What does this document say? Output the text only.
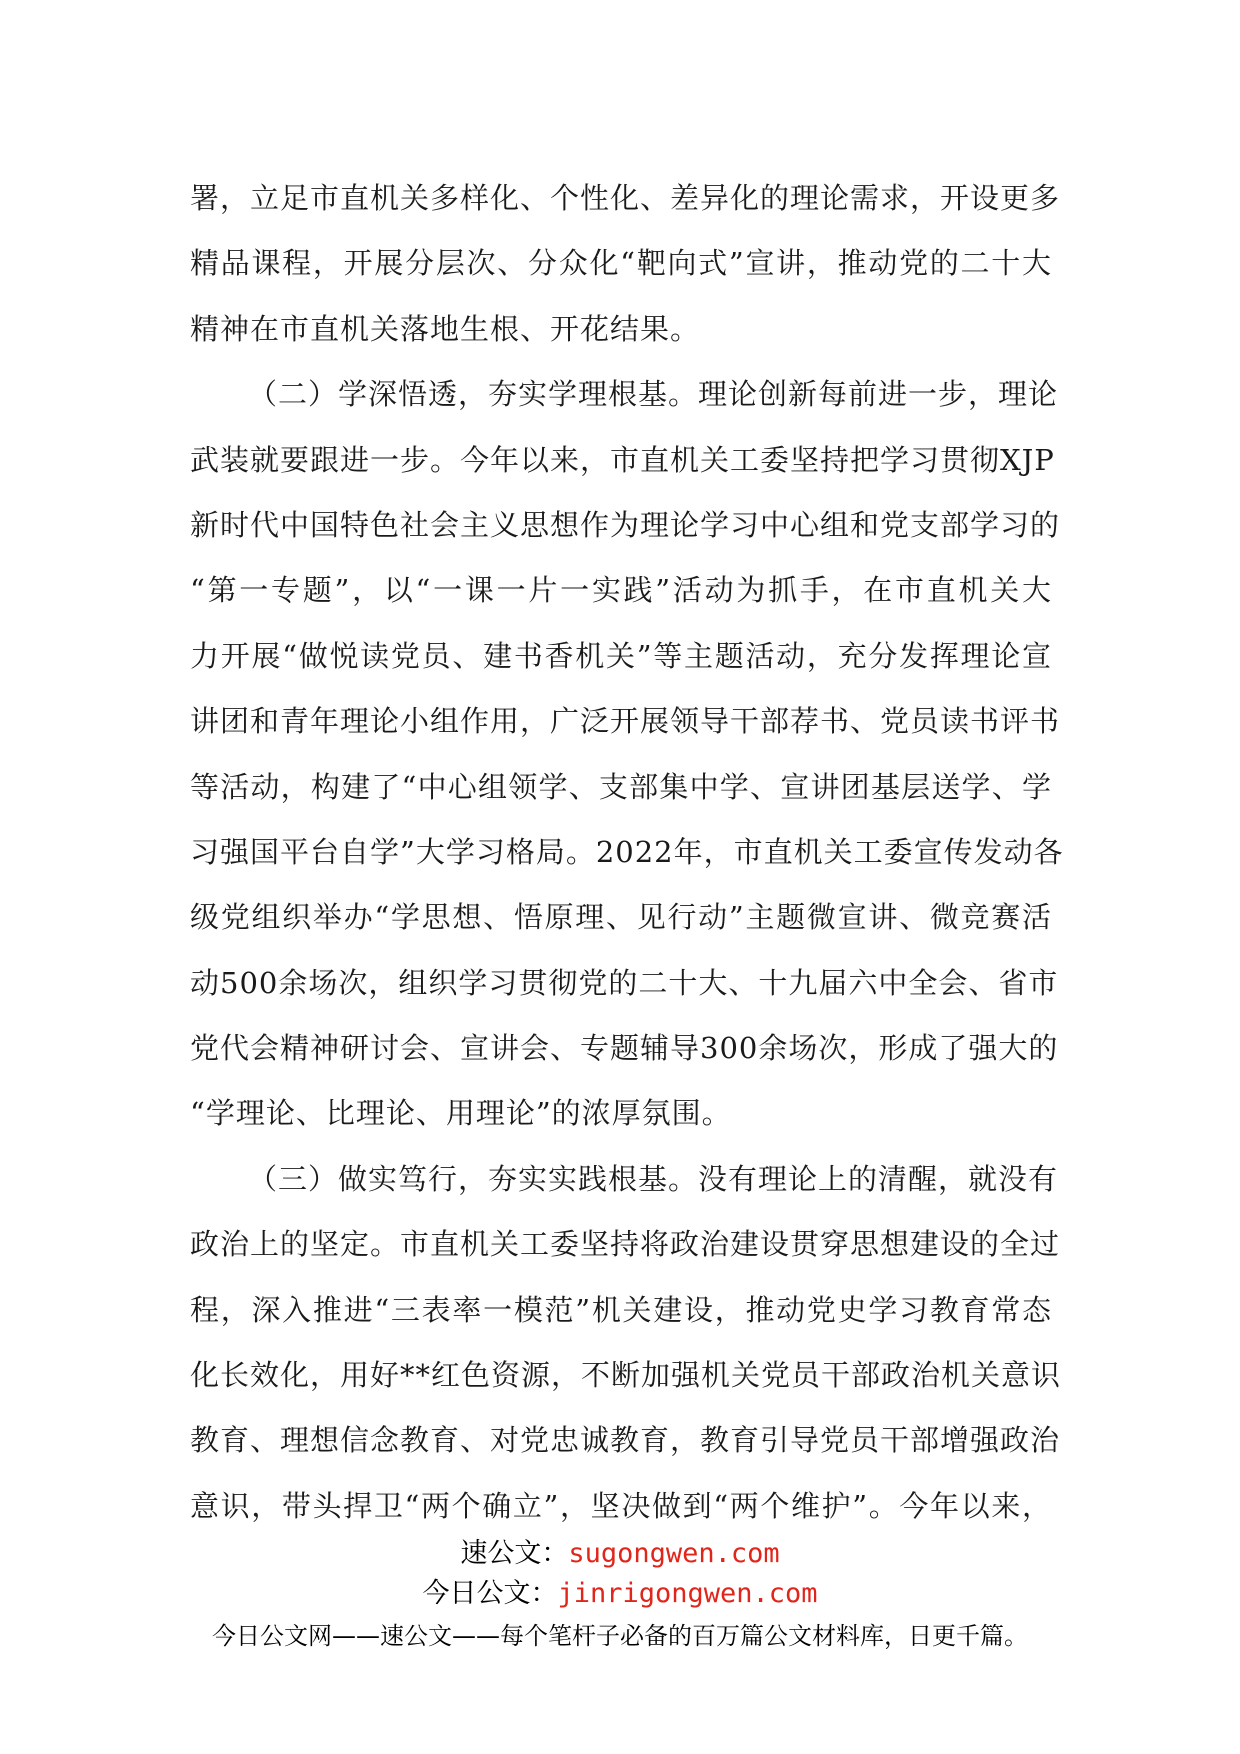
署，立足市直机关多样化、个性化、差异化的理论需求，开设更多
精品课程，开展分层次、分众化“靶向式”宣讲，推动党的二十大
精神在市直机关落地生根、开花结果。
（二）学深悟透，夯实学理根基。理论创新每前进一步，理论
武装就要跟进一步。今年以来，市直机关工委坚持把学习贯彻XJP
新时代中国特色社会主义思想作为理论学习中心组和党支部学习的
“第一专题”，以“一课一片一实践”活动为抓手，在市直机关大
力开展“做悦读党员、建书香机关”等主题活动，充分发挥理论宣
讲团和青年理论小组作用，广泛开展领导干部荐书、党员读书评书
等活动，构建了“中心组领学、支部集中学、宣讲团基层送学、学
习强国平台自学”大学习格局。2022年，市直机关工委宣传发动各
级党组织举办“学思想、悟原理、见行动”主题微宣讲、微竞赛活
动500余场次，组织学习贯彻党的二十大、十九届六中全会、省市
党代会精神研讨会、宣讲会、专题辅导300余场次，形成了强大的
“学理论、比理论、用理论”的浓厚氛围。
（三）做实笃行，夯实实践根基。没有理论上的清醒，就没有
政治上的坚定。市直机关工委坚持将政治建设贯穿思想建设的全过
程，深入推进“三表率一模范”机关建设，推动党史学习教育常态
化长效化，用好**红色资源，不断加强机关党员干部政治机关意识
教育、理想信念教育、对党忠诚教育，教育引导党员干部增强政治
意识，带头捍卫“两个确立”，坚决做到“两个维护”。今年以来，
速公文：sugongwen.com
今日公文：jinrigongwen.com
今日公文网——速公文——每个笔杆子必备的百万篇公文材料库，日更千篇。
